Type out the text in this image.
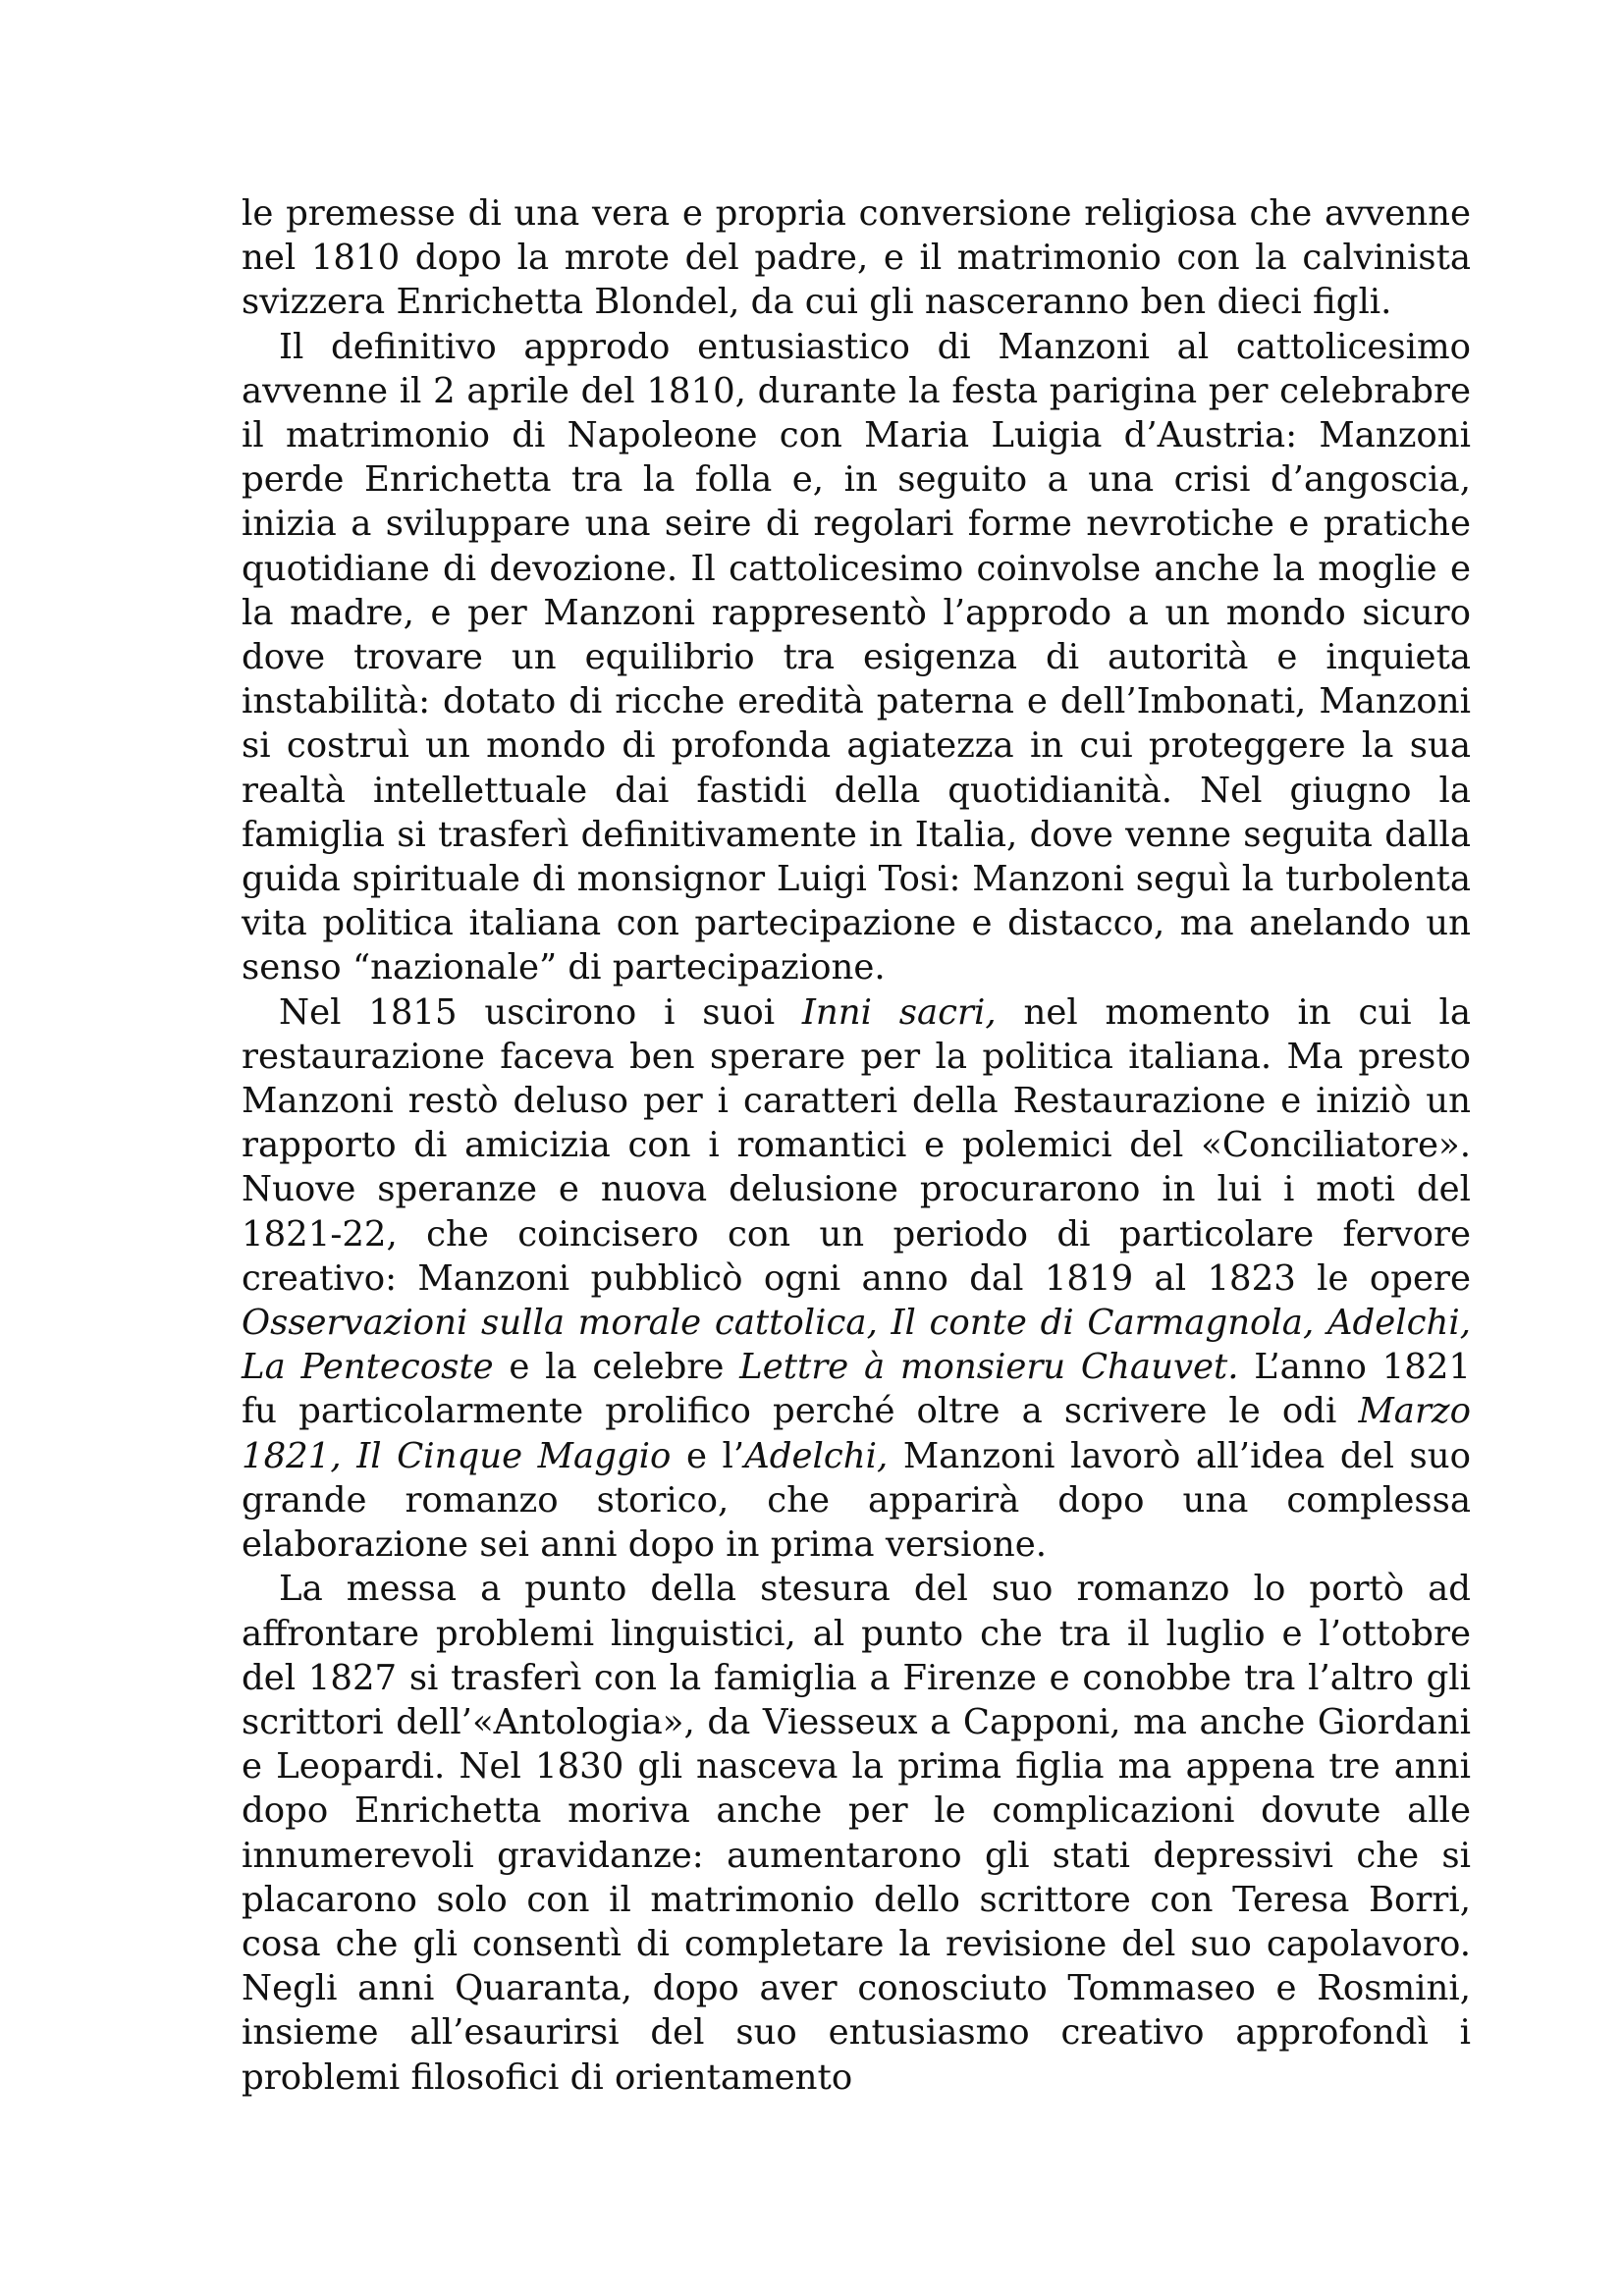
le premesse di una vera e propria conversione religiosa che avvenne nel 1810 dopo la mrote del padre, e il matrimonio con la calvinista svizzera Enrichetta Blondel, da cui gli nasceranno ben dieci figli.

Il definitivo approdo entusiastico di Manzoni al cattolicesimo avvenne il 2 aprile del 1810, durante la festa parigina per celebrabre il matrimonio di Napoleone con Maria Luigia d’Austria: Manzoni perde Enrichetta tra la folla e, in seguito a una crisi d’angoscia, inizia a sviluppare una seire di regolari forme nevrotiche e pratiche quotidiane di devozione. Il cattolicesimo coinvolse anche la moglie e la madre, e per Manzoni rappresentò l’approdo a un mondo sicuro dove trovare un equilibrio tra esigenza di autorità e inquieta instabilità: dotato di ricche eredità paterna e dell’Imbonati, Manzoni si costruì un mondo di profonda agiatezza in cui proteggere la sua realtà intellettuale dai fastidi della quotidianità. Nel giugno la famiglia si trasferì definitivamente in Italia, dove venne seguita dalla guida spirituale di monsignor Luigi Tosi: Manzoni seguì la turbolenta vita politica italiana con partecipazione e distacco, ma anelando un senso “nazionale” di partecipazione.

Nel 1815 uscirono i suoi Inni sacri, nel momento in cui la restaurazione faceva ben sperare per la politica italiana. Ma presto Manzoni restò deluso per i caratteri della Restaurazione e iniziò un rapporto di amicizia con i romantici e polemici del «Conciliatore». Nuove speranze e nuova delusione procurarono in lui i moti del 1821-22, che coincisero con un periodo di particolare fervore creativo: Manzoni pubblicò ogni anno dal 1819 al 1823 le opere Osservazioni sulla morale cattolica, Il conte di Carmagnola, Adelchi, La Pentecoste e la celebre Lettre à monsieru Chauvet. L’anno 1821 fu particolarmente prolifico perché oltre a scrivere le odi Marzo 1821, Il Cinque Maggio e l’Adelchi, Manzoni lavorò all’idea del suo grande romanzo storico, che apparirà dopo una complessa elaborazione sei anni dopo in prima versione.

La messa a punto della stesura del suo romanzo lo portò ad affrontare problemi linguistici, al punto che tra il luglio e l’ottobre del 1827 si trasferì con la famiglia a Firenze e conobbe tra l’altro gli scrittori dell’«Antologia», da Viesseux a Capponi, ma anche Giordani e Leopardi. Nel 1830 gli nasceva la prima figlia ma appena tre anni dopo Enrichetta moriva anche per le complicazioni dovute alle innumerevoli gravidanze: aumentarono gli stati depressivi che si placarono solo con il matrimonio dello scrittore con Teresa Borri, cosa che gli consentì di completare la revisione del suo capolavoro. Negli anni Quaranta, dopo aver conosciuto Tommaseo e Rosmini, insieme all’esaurirsi del suo entusiasmo creativo approfondì i problemi filosofici di orientamento
